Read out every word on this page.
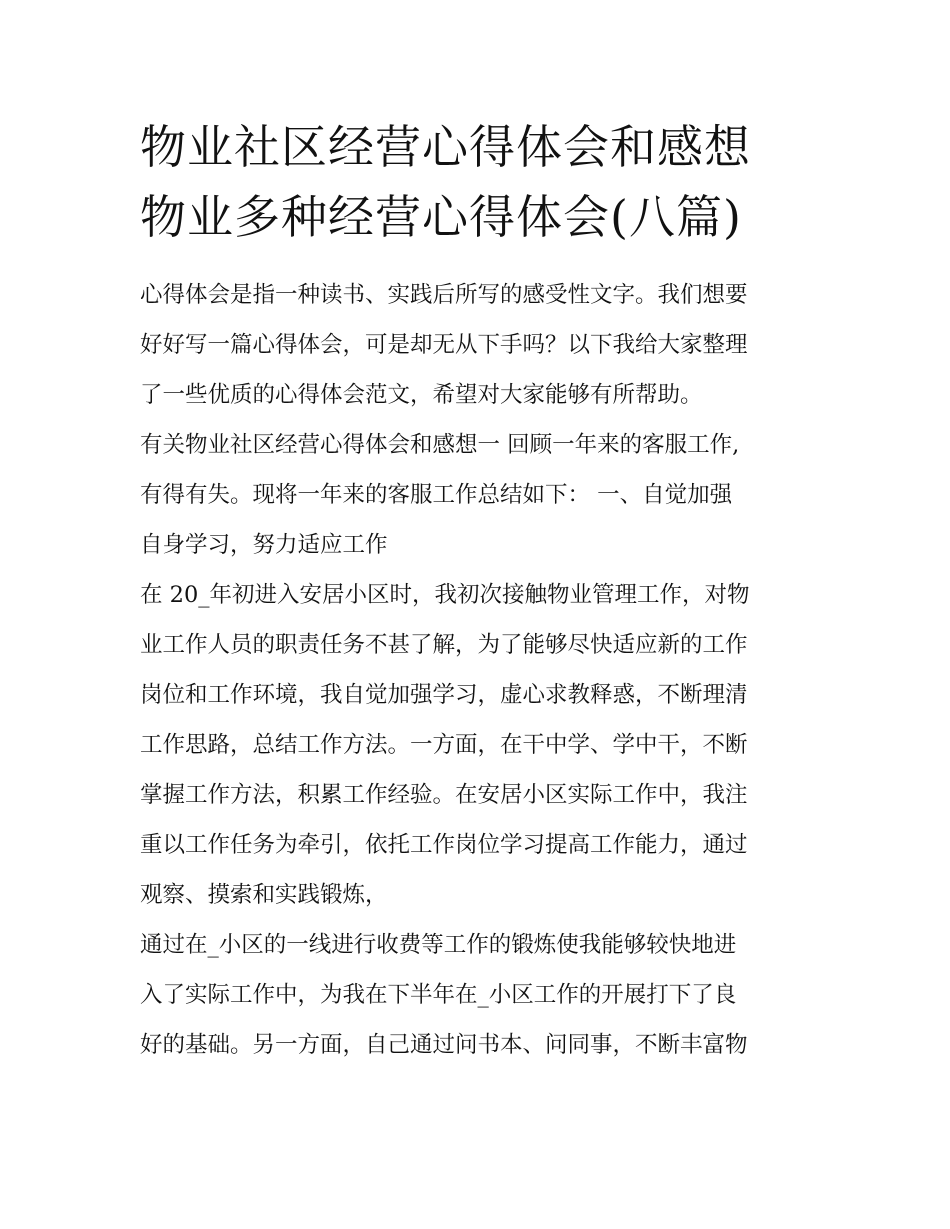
物业社区经营心得体会和感想
物业多种经营心得体会(八篇)

心得体会是指一种读书、实践后所写的感受性文字。我们想要
好好写一篇心得体会，可是却无从下手吗？以下我给大家整理
了一些优质的心得体会范文，希望对大家能够有所帮助。

有关物业社区经营心得体会和感想一 回顾一年来的客服工作,
有得有失。现将一年来的客服工作总结如下： 一、自觉加强
自身学习，努力适应工作

在 20_年初进入安居小区时，我初次接触物业管理工作，对物
业工作人员的职责任务不甚了解，为了能够尽快适应新的工作
岗位和工作环境，我自觉加强学习，虚心求教释惑，不断理清
工作思路，总结工作方法。一方面，在干中学、学中干，不断
掌握工作方法，积累工作经验。在安居小区实际工作中，我注
重以工作任务为牵引，依托工作岗位学习提高工作能力，通过
观察、摸索和实践锻炼，

通过在_小区的一线进行收费等工作的锻炼使我能够较快地进
入了实际工作中，为我在下半年在_小区工作的开展打下了良
好的基础。另一方面，自己通过问书本、问同事，不断丰富物
